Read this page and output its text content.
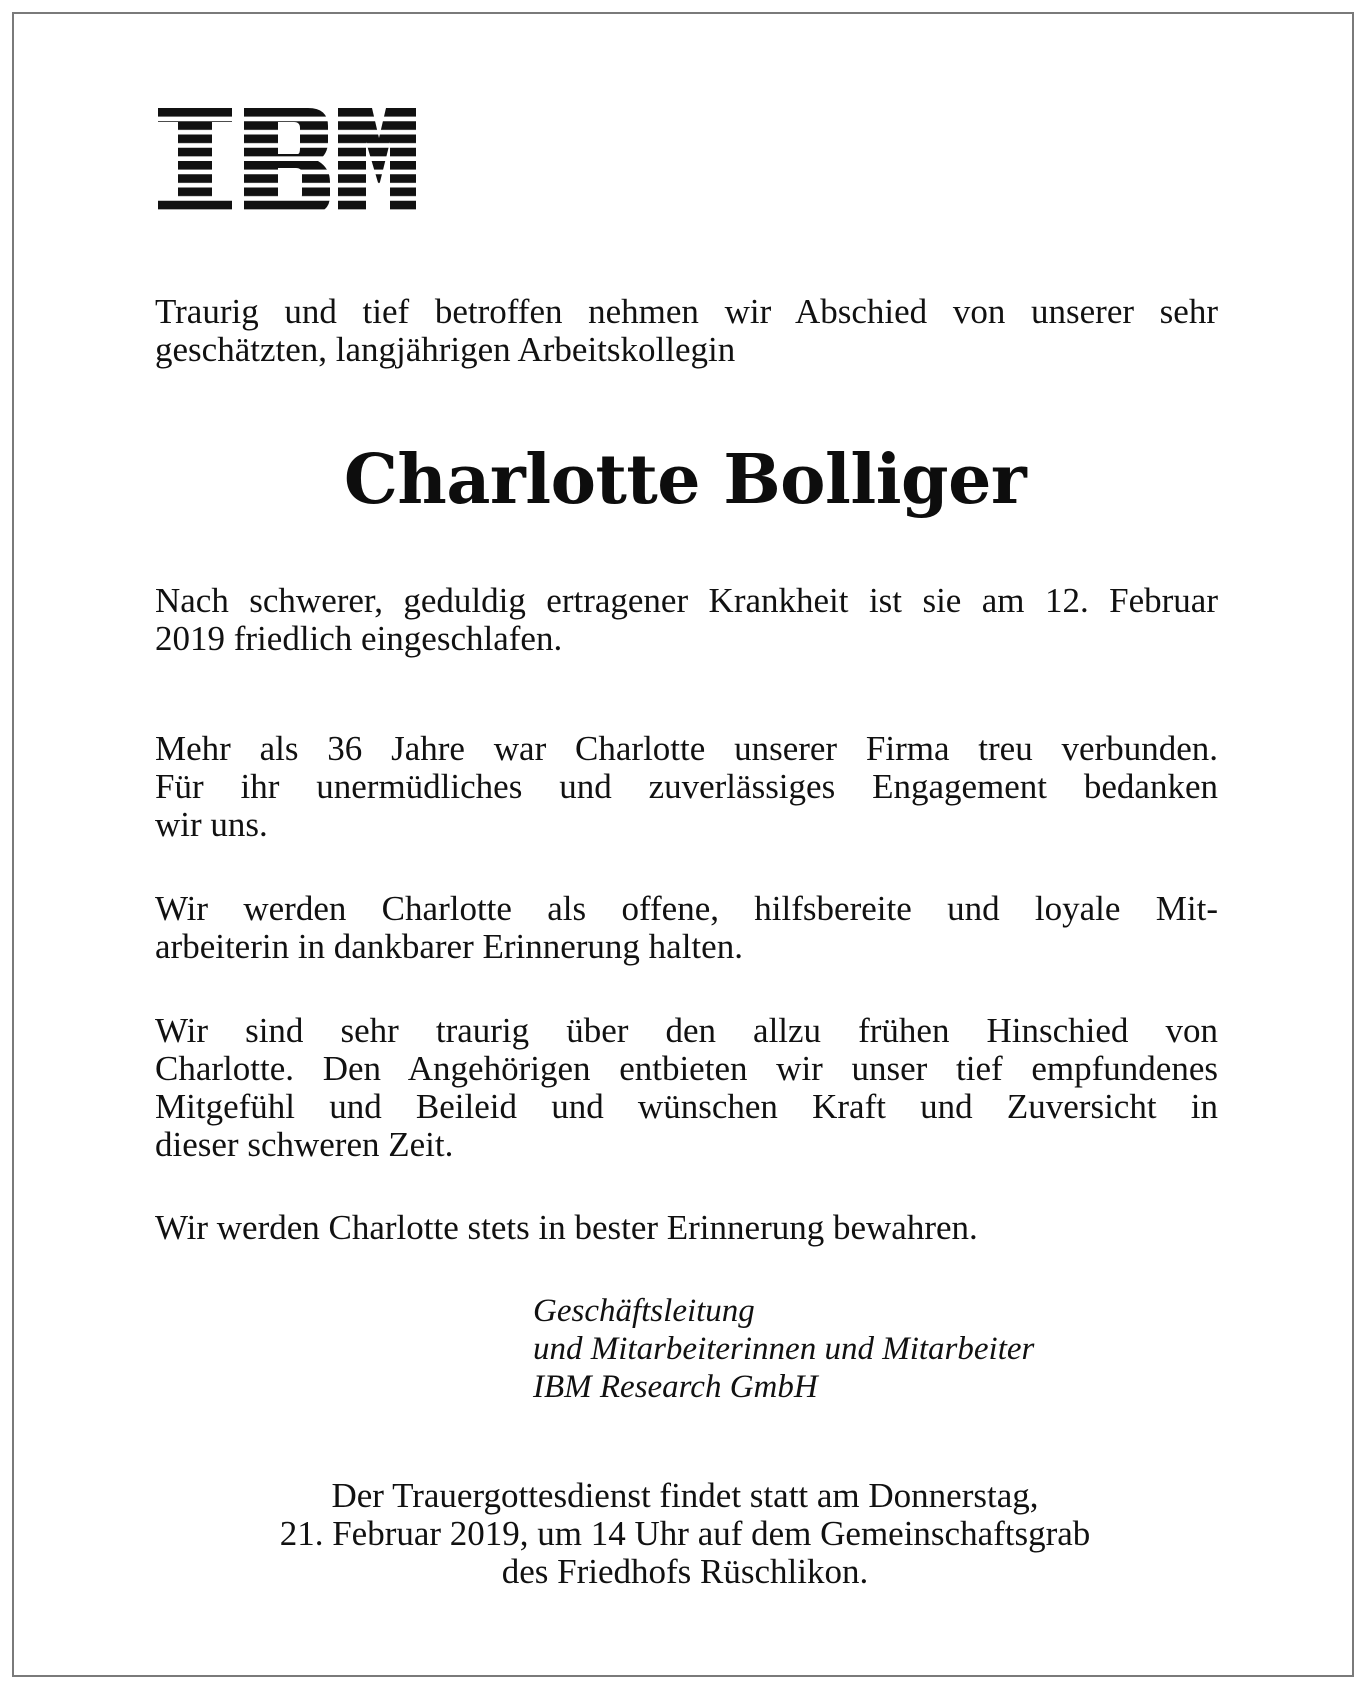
Traurig und tief betroffen nehmen wir Abschied von unserer sehr
geschätzten, langjährigen Arbeitskollegin
Charlotte Bolliger
Nach schwerer, geduldig ertragener Krankheit ist sie am 12. Februar
2019 friedlich eingeschlafen.
Mehr als 36 Jahre war Charlotte unserer Firma treu verbunden.
Für ihr unermüdliches und zuverlässiges Engagement bedanken
wir uns.
Wir werden Charlotte als offene, hilfsbereite und loyale Mit-
arbeiterin in dankbarer Erinnerung halten.
Wir sind sehr traurig über den allzu frühen Hinschied von
Charlotte. Den Angehörigen entbieten wir unser tief empfundenes
Mitgefühl und Beileid und wünschen Kraft und Zuversicht in
dieser schweren Zeit.
Wir werden Charlotte stets in bester Erinnerung bewahren.
Geschäftsleitung
und Mitarbeiterinnen und Mitarbeiter
IBM Research GmbH
Der Trauergottesdienst findet statt am Donnerstag,
21. Februar 2019, um 14 Uhr auf dem Gemeinschaftsgrab
des Friedhofs Rüschlikon.
